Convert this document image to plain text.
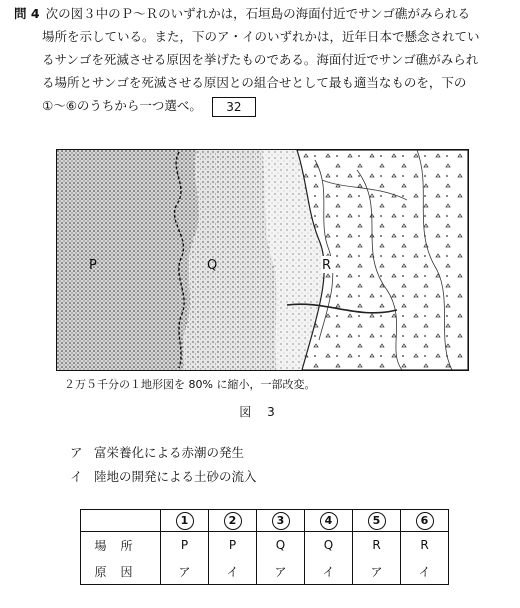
問 4 次の図３中のＰ～Ｒのいずれかは，石垣島の海面付近でサンゴ礁がみられる
場所を示している。また，下のア・イのいずれかは，近年日本で懸念されてい
るサンゴを死滅させる原因を挙げたものである。海面付近でサンゴ礁がみられ
る場所とサンゴを死滅させる原因との組合せとして最も適当なものを，下の
①～⑥のうちから一つ選べ。 32
P	Q	R
２万５千分の１地形図を 80% に縮小，一部改変。
図 3
ア 富栄養化による赤潮の発生
イ 陸地の開発による土砂の流入
	1	2	3	4	5	6
場所	P	P	Q	Q	R	R
原因	ア	イ	ア	イ	ア	イ
